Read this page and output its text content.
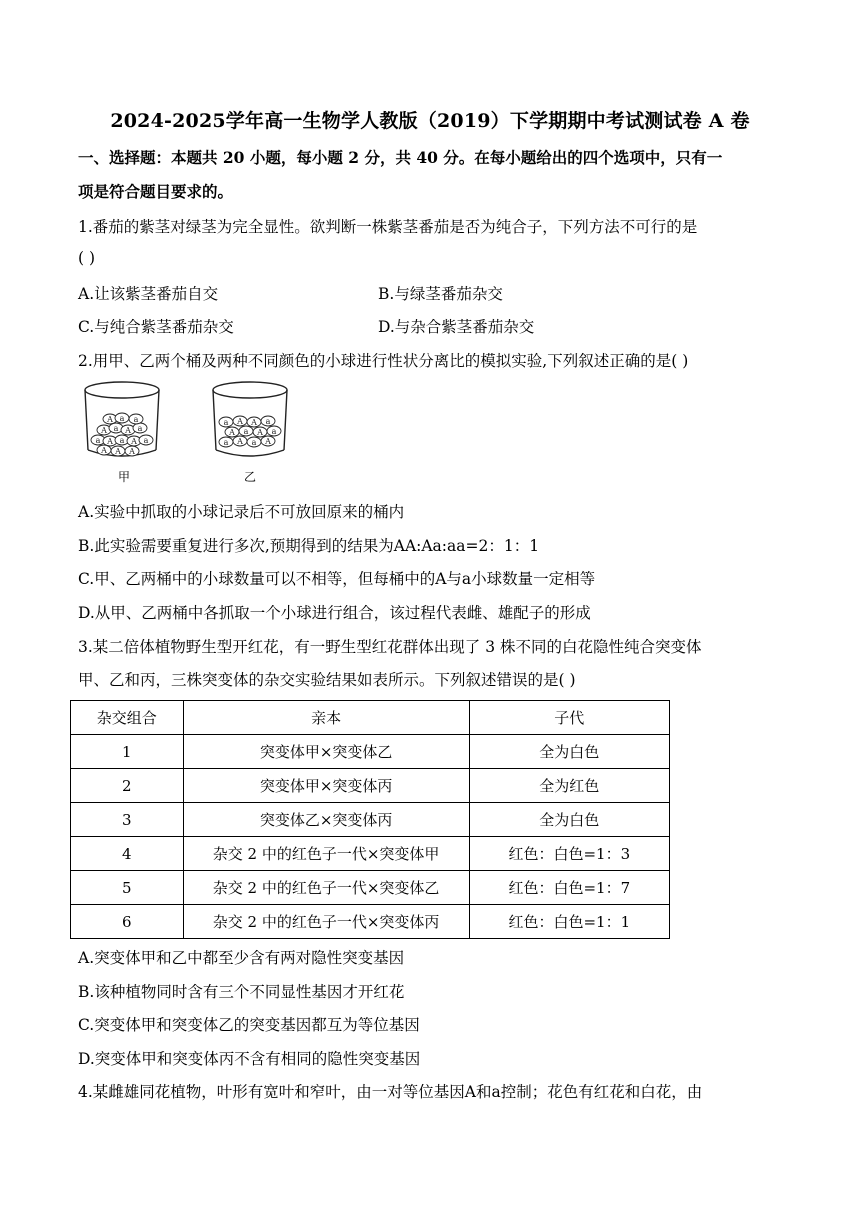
2024-2025学年高一生物学人教版（2019）下学期期中考试测试卷 A 卷
一、选择题：本题共 20 小题，每小题 2 分，共 40 分。在每小题给出的四个选项中，只有一
项是符合题目要求的。
1.番茄的紫茎对绿茎为完全显性。欲判断一株紫茎番茄是否为纯合子，下列方法不可行的是
( )
A.让该紫茎番茄自交	B.与绿茎番茄杂交
C.与纯合紫茎番茄杂交	D.与杂合紫茎番茄杂交
2.用甲、乙两个桶及两种不同颜色的小球进行性状分离比的模拟实验,下列叙述正确的是( )
A a A a
a A a A a
A a a
A A A
甲
a A A a
A a A a
a A a A
乙
A.实验中抓取的小球记录后不可放回原来的桶内
B.此实验需要重复进行多次,预期得到的结果为AA:Aa:aa=2：1：1
C.甲、乙两桶中的小球数量可以不相等，但每桶中的A与a小球数量一定相等
D.从甲、乙两桶中各抓取一个小球进行组合，该过程代表雌、雄配子的形成
3.某二倍体植物野生型开红花，有一野生型红花群体出现了 3 株不同的白花隐性纯合突变体
甲、乙和丙，三株突变体的杂交实验结果如表所示。下列叙述错误的是( )
杂交组合	亲本	子代
1	突变体甲×突变体乙	全为白色
2	突变体甲×突变体丙	全为红色
3	突变体乙×突变体丙	全为白色
4	杂交 2 中的红色子一代×突变体甲	红色：白色=1：3
5	杂交 2 中的红色子一代×突变体乙	红色：白色=1：7
6	杂交 2 中的红色子一代×突变体丙	红色：白色=1：1
A.突变体甲和乙中都至少含有两对隐性突变基因
B.该种植物同时含有三个不同显性基因才开红花
C.突变体甲和突变体乙的突变基因都互为等位基因
D.突变体甲和突变体丙不含有相同的隐性突变基因
4.某雌雄同花植物，叶形有宽叶和窄叶，由一对等位基因A和a控制；花色有红花和白花，由
